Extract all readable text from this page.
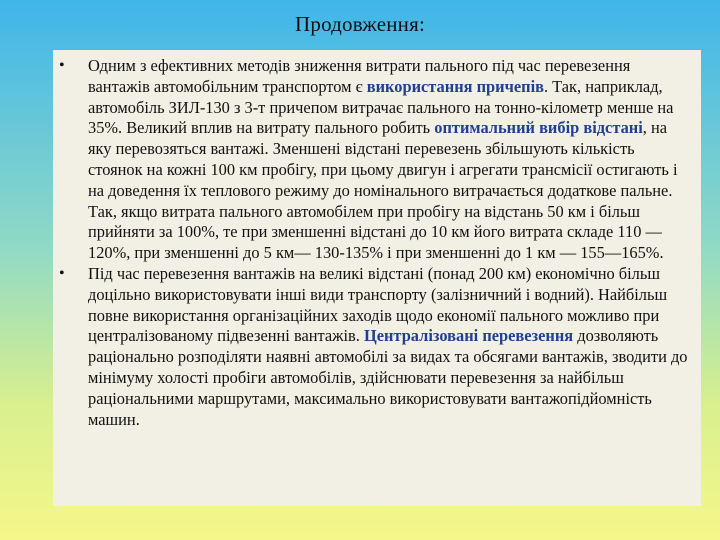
Продовження:
• Одним з ефективних методів зниження витрати пального під час перевезення вантажів автомобільним транспортом є використання причепів. Так, наприклад, автомобіль ЗИЛ-130 з 3-т причепом витрачає пального на тонно-кілометр менше на 35%. Великий вплив на витрату пального робить оптимальний вибір відстані, на яку перевозяться вантажі. Зменшені відстані перевезень збільшують кількість стоянок на кожні 100 км пробігу, при цьому двигун і агрегати трансмісії остигають і на доведення їх теплового режиму до номінального витрачається додаткове пальне. Так, якщо витрата пального автомобілем при пробігу на відстань 50 км і більш прийняти за 100%, те при зменшенні відстані до 10 км його витрата складе 110 —120%, при зменшенні до 5 км— 130-135% і при зменшенні до 1 км — 155—165%.
• Під час перевезення вантажів на великі відстані (понад 200 км) економічно більш доцільно використовувати інші види транспорту (залізничний і водний). Найбільш повне використання організаційних заходів щодо економії пального можливо при централізованому підвезенні вантажів. Централізовані перевезення дозволяють раціонально розподіляти наявні автомобілі за видах та обсягами вантажів, зводити до мінімуму холості пробіги автомобілів, здійснювати перевезення за найбільш раціональними маршрутами, максимально використовувати вантажопідйомність машин.
